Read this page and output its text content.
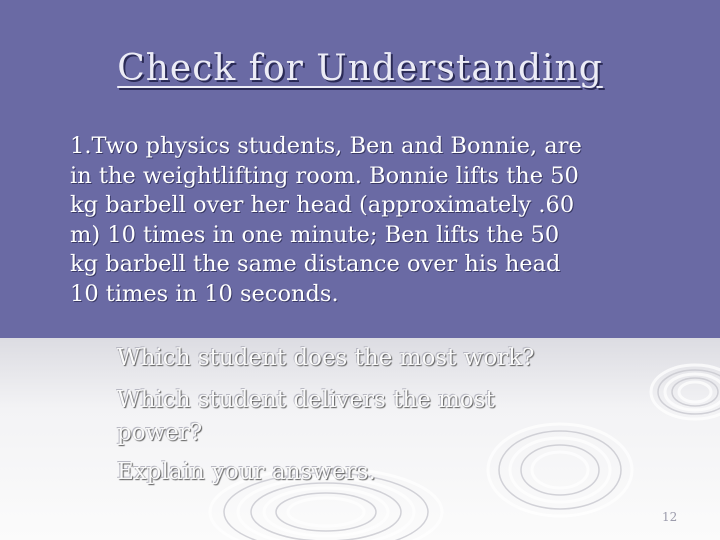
Check for Understanding
1.Two physics students, Ben and Bonnie, are
in the weightlifting room. Bonnie lifts the 50
kg barbell over her head (approximately .60
m) 10 times in one minute; Ben lifts the 50
kg barbell the same distance over his head
10 times in 10 seconds.
Which student does the most work?
Which student delivers the most
power?
Explain your answers.
12
